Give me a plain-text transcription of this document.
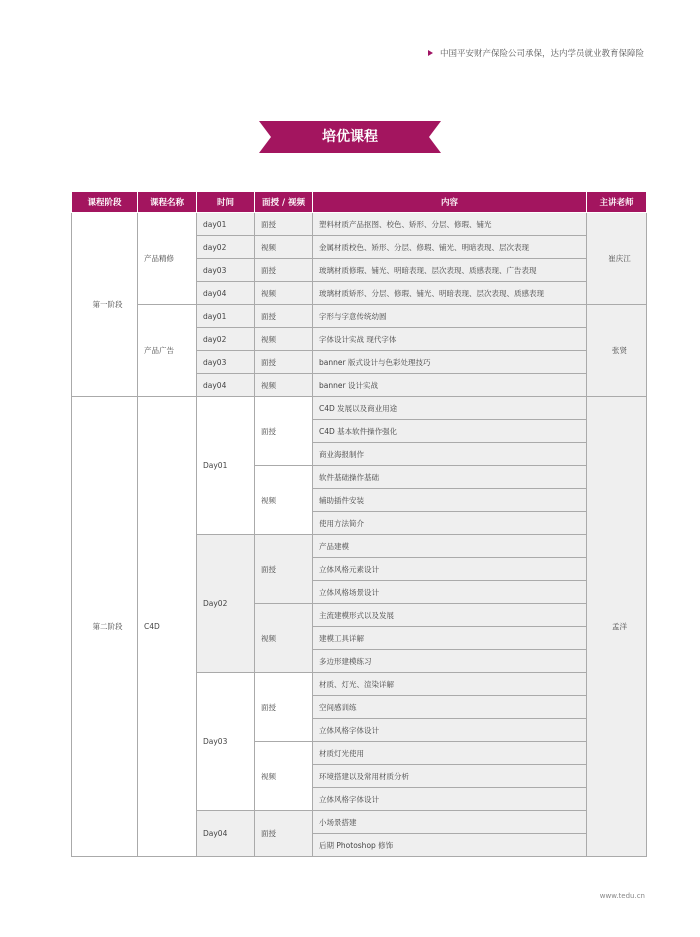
中国平安财产保险公司承保，达内学员就业教育保障险
培优课程
课程阶段	课程名称	时间	面授 / 视频	内容	主讲老师
第一阶段	产品精修	day01	面授	塑料材质产品抠图、校色、矫形、分层、修瑕、铺光	崔庆江
		day02	视频	金属材质校色、矫形、分层、修瑕、铺光、明暗表现、层次表现	
		day03	面授	玻璃材质修瑕、铺光、明暗表现、层次表现、质感表现、广告表现	
		day04	视频	玻璃材质矫形、分层、修瑕、铺光、明暗表现、层次表现、质感表现	
	产品广告	day01	面授	字形与字意传统幼圆	张贤
		day02	视频	字体设计实战 现代字体	
		day03	面授	banner 版式设计与色彩处理技巧	
		day04	视频	banner 设计实战	
第二阶段	C4D	Day01	面授	C4D 发展以及商业用途	孟洋
				C4D 基本软件操作强化	
				商业海报制作	
			视频	软件基础操作基础	
				辅助插件安装	
				使用方法简介	
		Day02	面授	产品建模	
				立体风格元素设计	
				立体风格场景设计	
			视频	主流建模形式以及发展	
				建模工具详解	
				多边形建模练习	
		Day03	面授	材质、灯光、渲染详解	
				空间感训练	
				立体风格字体设计	
			视频	材质灯光使用	
				环境搭建以及常用材质分析	
				立体风格字体设计	
		Day04	面授	小场景搭建	
				后期 Photoshop 修饰	
www.tedu.cn
